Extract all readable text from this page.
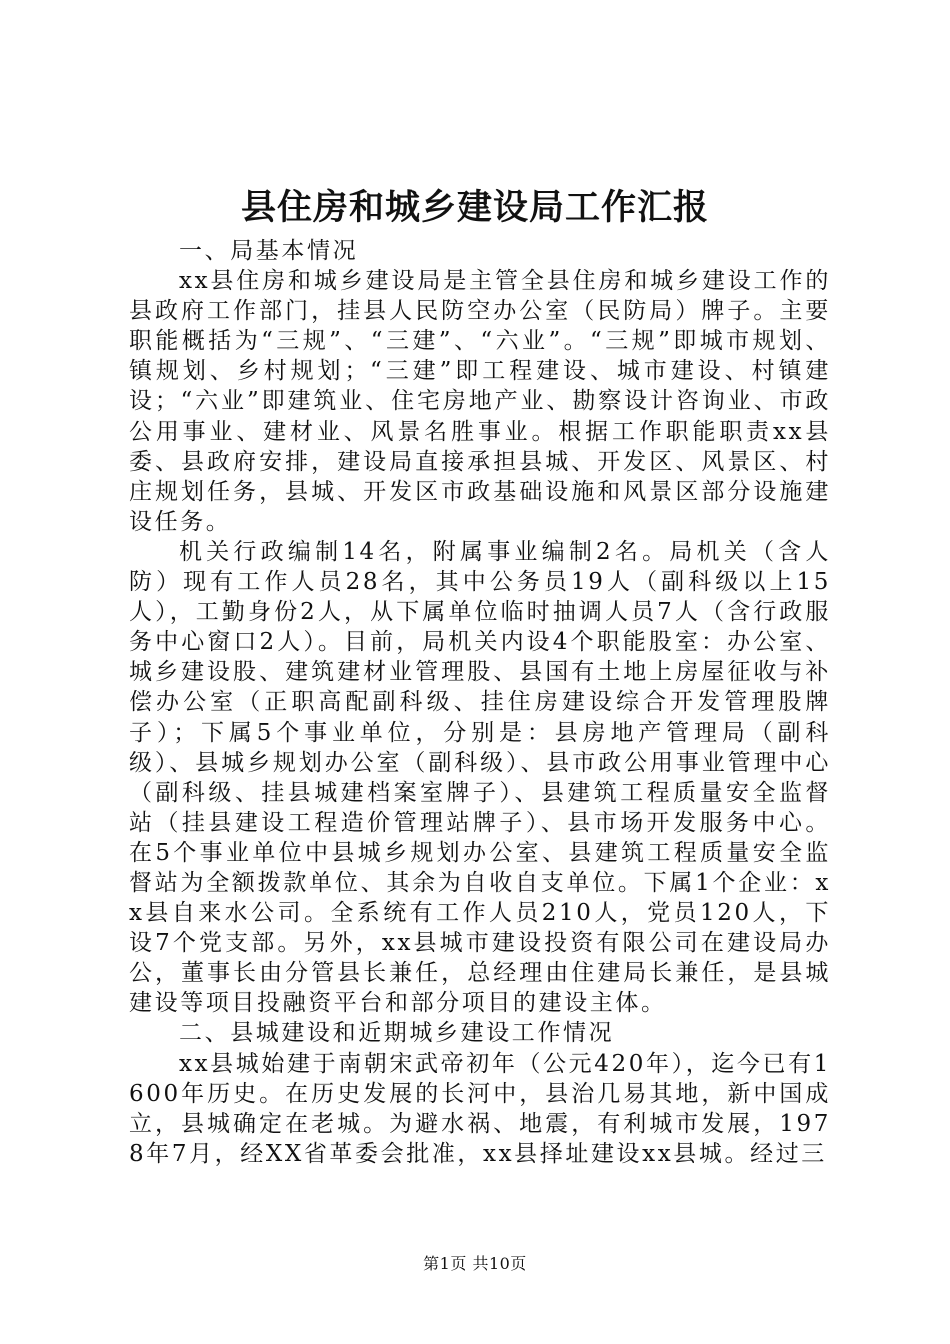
县住房和城乡建设局工作汇报

一、局基本情况

xx县住房和城乡建设局是主管全县住房和城乡建设工作的县政府工作部门，挂县人民防空办公室（民防局）牌子。主要职能概括为“三规”、“三建”、“六业”。“三规”即城市规划、镇规划、乡村规划；“三建”即工程建设、城市建设、村镇建设；“六业”即建筑业、住宅房地产业、勘察设计咨询业、市政公用事业、建材业、风景名胜事业。根据工作职能职责xx县委、县政府安排，建设局直接承担县城、开发区、风景区、村庄规划任务，县城、开发区市政基础设施和风景区部分设施建设任务。

机关行政编制14名，附属事业编制2名。局机关（含人防）现有工作人员28名，其中公务员19人（副科级以上15人），工勤身份2人，从下属单位临时抽调人员7人（含行政服务中心窗口2人）。目前，局机关内设4个职能股室：办公室、城乡建设股、建筑建材业管理股、县国有土地上房屋征收与补偿办公室（正职高配副科级、挂住房建设综合开发管理股牌子）；下属5个事业单位，分别是：县房地产管理局（副科级）、县城乡规划办公室（副科级）、县市政公用事业管理中心（副科级、挂县城建档案室牌子）、县建筑工程质量安全监督站（挂县建设工程造价管理站牌子）、县市场开发服务中心。在5个事业单位中县城乡规划办公室、县建筑工程质量安全监督站为全额拨款单位、其余为自收自支单位。下属1个企业：xx县自来水公司。全系统有工作人员210人，党员120人，下设7个党支部。另外，xx县城市建设投资有限公司在建设局办公，董事长由分管县长兼任，总经理由住建局长兼任，是县城建设等项目投融资平台和部分项目的建设主体。

二、县城建设和近期城乡建设工作情况

xx县城始建于南朝宋武帝初年（公元420年），迄今已有1600年历史。在历史发展的长河中，县治几易其地，新中国成立，县城确定在老城。为避水祸、地震，有利城市发展，1978年7月，经XX省革委会批准，xx县择址建设xx县城。经过三

第1页 共10页
